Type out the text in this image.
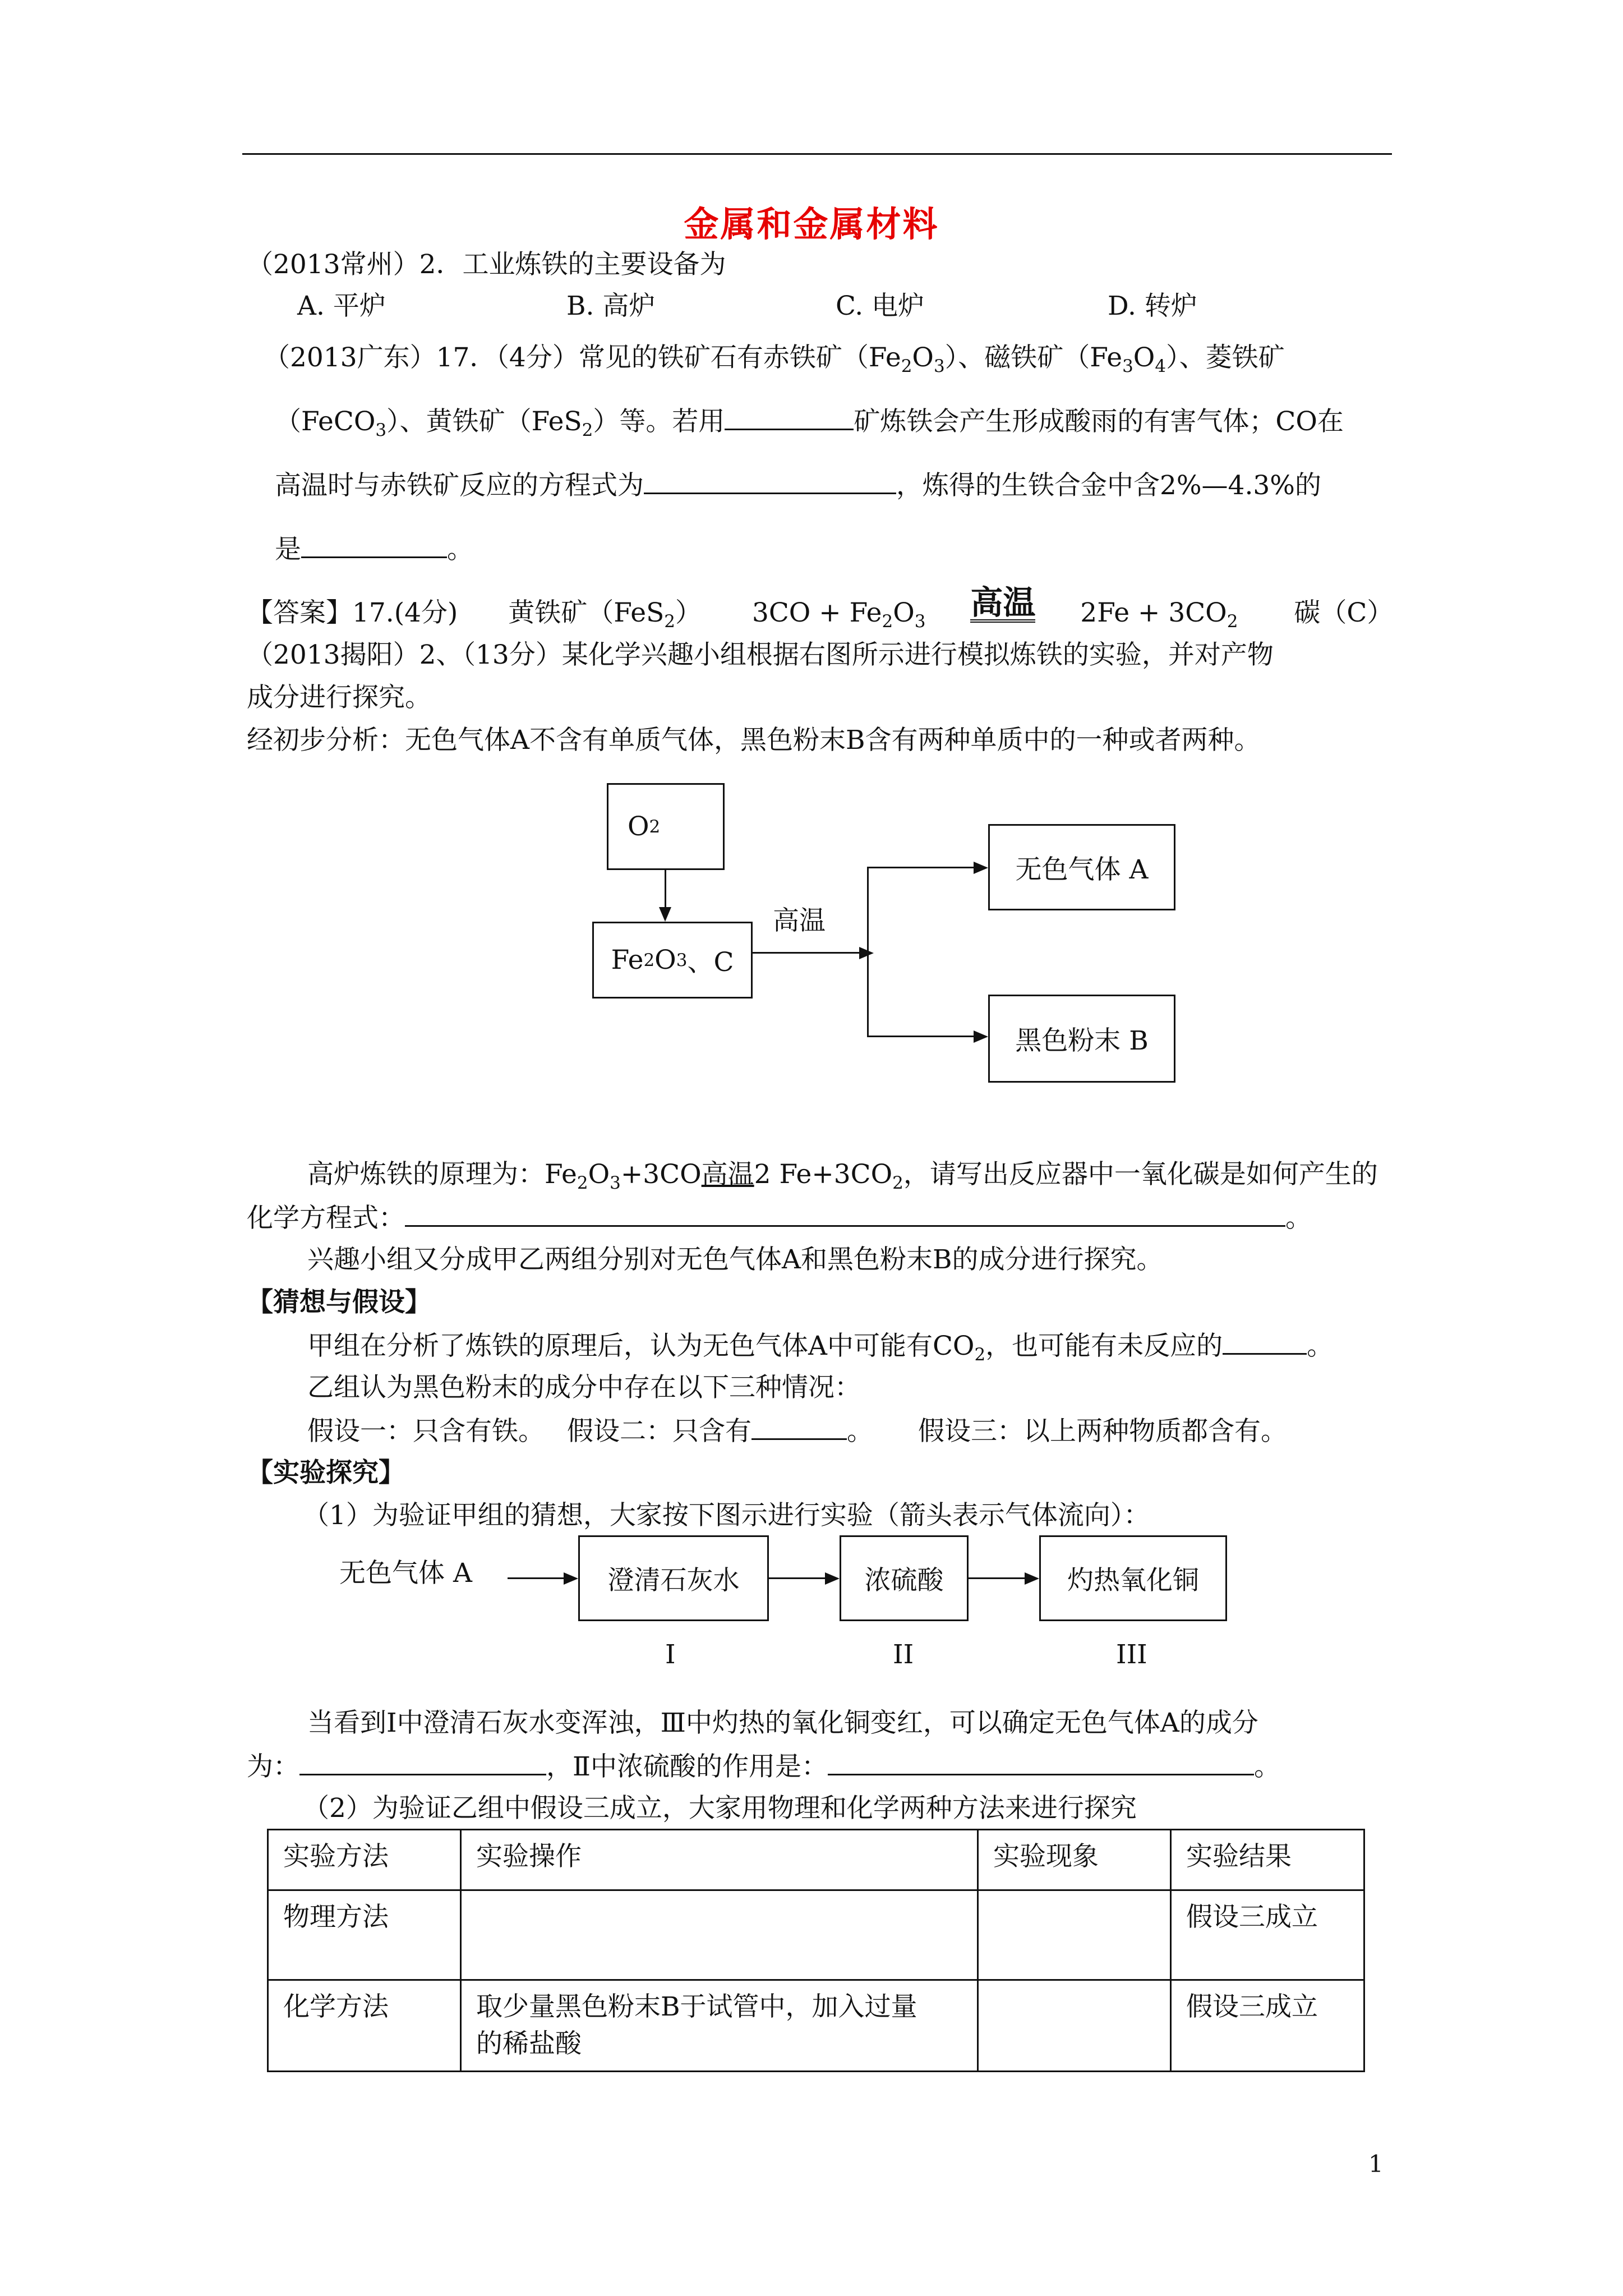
金属和金属材料
（2013常州）2．工业炼铁的主要设备为
A. 平炉	B. 高炉	C. 电炉	D. 转炉
（2013广东）17．（4分）常见的铁矿石有赤铁矿$(Fe_2O_3)$、磁铁矿$(Fe_3O_4)$、菱铁矿
（FeCO$_3$）、黄铁矿（FeS$_2$）等。若用	矿炼铁会产生形成酸雨的有害气体；CO在
高温时与赤铁矿反应的方程式为	，炼得的生铁合金中含2%—4.3%的
是	。
【答案】17.(4分) 黄铁矿（FeS$_2$） $3CO + Fe_2O_3$ 高温 $2Fe + 3CO_2$ 碳（C）
（2013揭阳）2、（13分）某化学兴趣小组根据右图所示进行模拟炼铁的实验，并对产物
成分进行探究。
经初步分析：无色气体A不含有单质气体，黑色粉末B含有两种单质中的一种或者两种。
O 2
Fe 2 O 3 、C
高温
无色气体 A
黑色粉末 B
高炉炼铁的原理为：$Fe_2O_3+3CO$高温2 $Fe+3CO_2$，请写出反应器中一氧化碳是如何产生的
化学方程式：	。
兴趣小组又分成甲乙两组分别对无色气体A和黑色粉末B的成分进行探究。
【猜想与假设】
甲组在分析了炼铁的原理后，认为无色气体A中可能有$CO_2$，也可能有未反应的	。
乙组认为黑色粉末的成分中存在以下三种情况：
假设一：只含有铁。 假设二：只含有	。 假设三：以上两种物质都含有。
【实验探究】
（1）为验证甲组的猜想，大家按下图示进行实验（箭头表示气体流向）：
无色气体 A	澄清石灰水	浓硫酸	灼热氧化铜
I	II	III
当看到Ⅰ中澄清石灰水变浑浊，Ⅲ中灼热的氧化铜变红，可以确定无色气体A的成分
为：	，Ⅱ中浓硫酸的作用是：	。
（2）为验证乙组中假设三成立，大家用物理和化学两种方法来进行探究
实验方法	实验操作	实验现象	实验结果
物理方法			假设三成立
化学方法	取少量黑色粉末B于试管中，加入过量
的稀盐酸		假设三成立
1
